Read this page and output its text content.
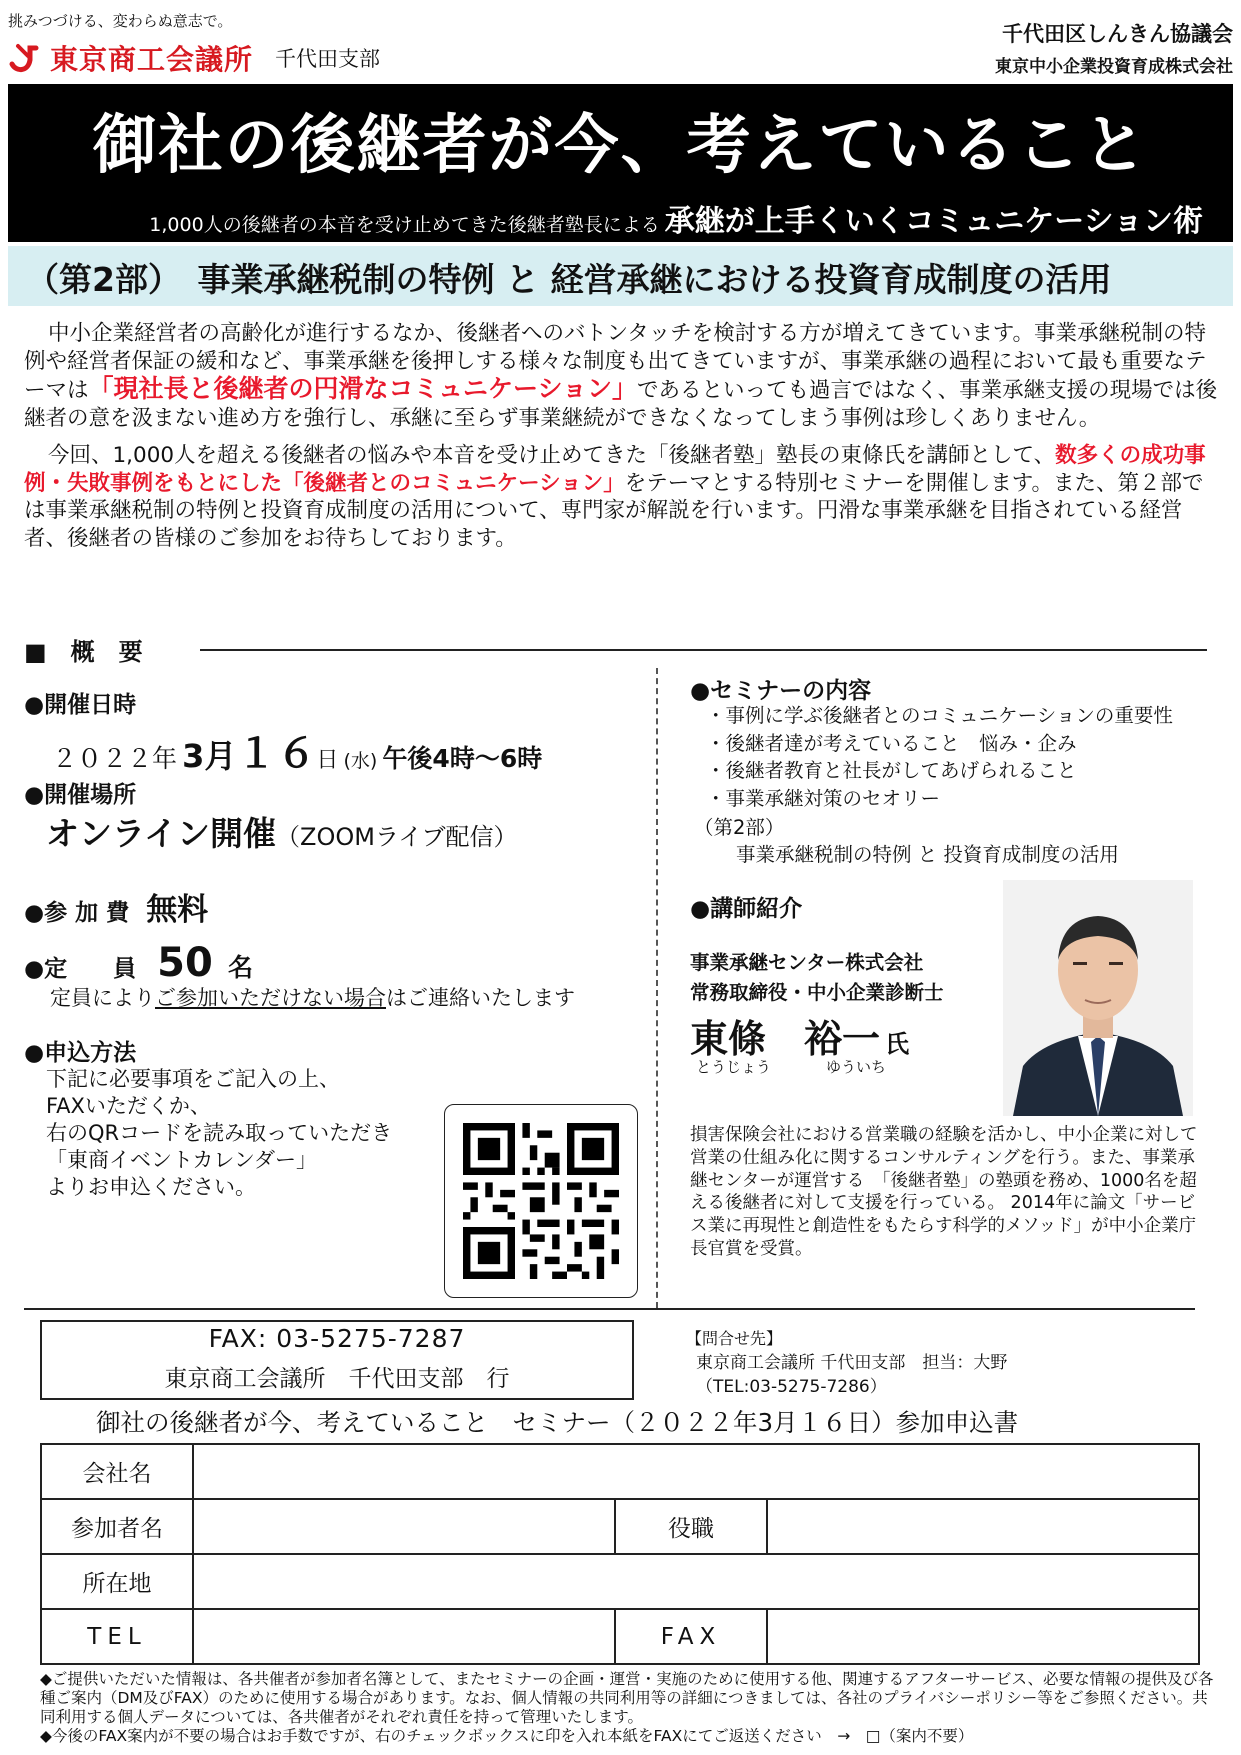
挑みつづける、変わらぬ意志で。
東京商工会議所 千代田支部
千代田区しんきん協議会
東京中小企業投資育成株式会社
御社の後継者が今、考えていること
1,000人の後継者の本音を受け止めてきた後継者塾長による 承継が上手くいくコミュニケーション術
（第2部）　事業承継税制の特例 と 経営承継における投資育成制度の活用

中小企業経営者の高齢化が進行するなか、後継者へのバトンタッチを検討する方が増えてきています。事業承継税制の特例や経営者保証の緩和など、事業承継を後押しする様々な制度も出てきていますが、事業承継の過程において最も重要なテーマは「現社長と後継者の円滑なコミュニケーション」であるといっても過言ではなく、事業承継支援の現場では後継者の意を汲まない進め方を強行し、承継に至らず事業継続ができなくなってしまう事例は珍しくありません。

今回、1,000人を超える後継者の悩みや本音を受け止めてきた「後継者塾」塾長の東條氏を講師として、数多くの成功事例・失敗事例をもとにした「後継者とのコミュニケーション」をテーマとする特別セミナーを開催します。また、第２部では事業承継税制の特例と投資育成制度の活用について、専門家が解説を行います。円滑な事業承継を目指されている経営者、後継者の皆様のご参加をお待ちしております。

■　概　要
●開催日時
２０２２年 3月１６日 (水) 午後4時〜6時
●開催場所
オンライン開催（ZOOMライブ配信）
●参 加 費 無料
●定　　員 50 名
定員によりご参加いただけない場合はご連絡いたします
●申込方法
下記に必要事項をご記入の上、
FAXいただくか、
右のQRコードを読み取っていただき
「東商イベントカレンダー」
よりお申込ください。
●セミナーの内容
・事例に学ぶ後継者とのコミュニケーションの重要性
・後継者達が考えていること　悩み・企み
・後継者教育と社長がしてあげられること
・事業承継対策のセオリー
（第2部）
事業承継税制の特例 と 投資育成制度の活用
●講師紹介
事業承継センター株式会社
常務取締役・中小企業診断士
東條　裕一 氏
とうじょう	ゆういち
損害保険会社における営業職の経験を活かし、中小企業に対して営業の仕組み化に関するコンサルティングを行う。また、事業承継センターが運営する　「後継者塾」の塾頭を務め、1000名を超える後継者に対して支援を行っている。 2014年に論文「サービス業に再現性と創造性をもたらす科学的メソッド」が中小企業庁長官賞を受賞。
FAX: 03-5275-7287
東京商工会議所　千代田支部　行
【問合せ先】
東京商工会議所 千代田支部　担当：大野
（TEL:03-5275-7286）
御社の後継者が今、考えていること　セミナー（２０２２年3月１６日）参加申込書
会社名			
参加者名		役職	
所在地			
TEL		FAX	

◆ご提供いただいた情報は、各共催者が参加者名簿として、またセミナーの企画・運営・実施のために使用する他、関連するアフターサービス、必要な情報の提供及び各種ご案内（DM及びFAX）のために使用する場合があります。なお、個人情報の共同利用等の詳細につきましては、各社のプライバシーポリシー等をご参照ください。共同利用する個人データについては、各共催者がそれぞれ責任を持って管理いたします。

◆今後のFAX案内が不要の場合はお手数ですが、右のチェックボックスに印を入れ本紙をFAXにてご返送ください　→　□（案内不要）
